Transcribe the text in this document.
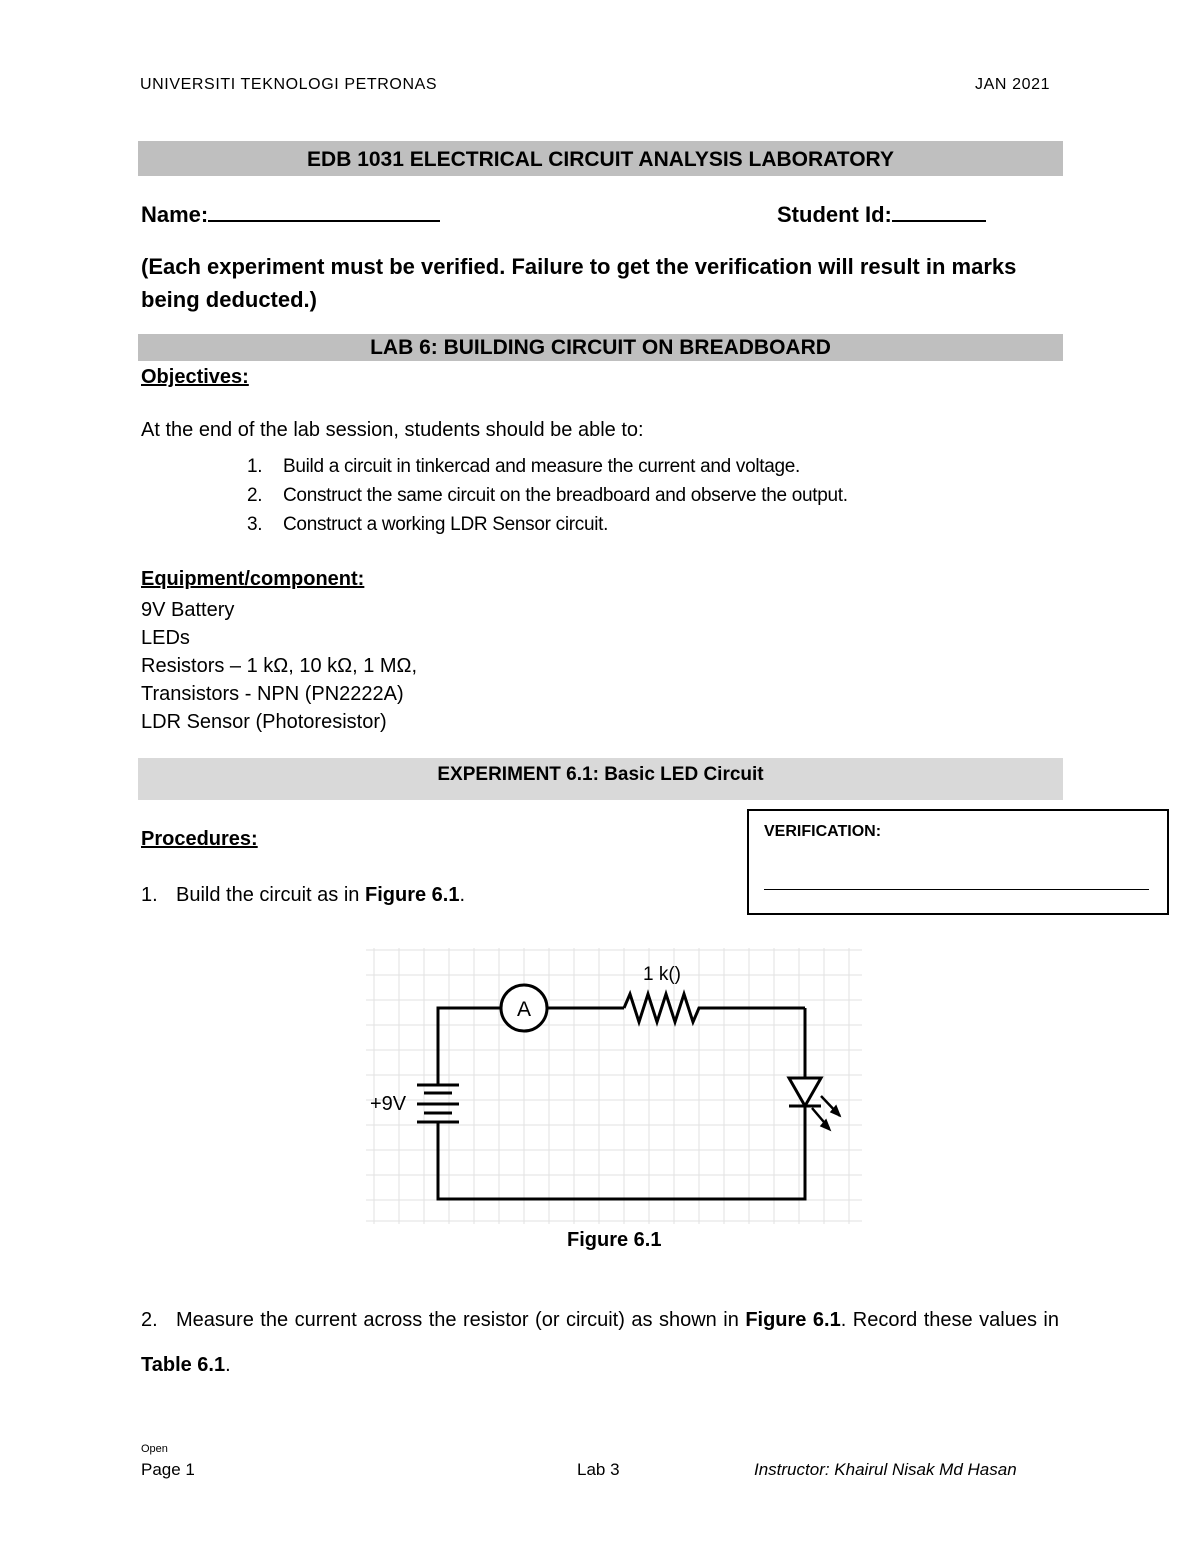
UNIVERSITI TEKNOLOGI PETRONAS	JAN 2021
EDB 1031 ELECTRICAL CIRCUIT ANALYSIS LABORATORY
Name:	Student Id:
(Each experiment must be verified. Failure to get the verification will result in marks being deducted.)
LAB 6: BUILDING CIRCUIT ON BREADBOARD
Objectives:
At the end of the lab session, students should be able to:
1. Build a circuit in tinkercad and measure the current and voltage.
2. Construct the same circuit on the breadboard and observe the output.
3. Construct a working LDR Sensor circuit.
Equipment/component:
9V Battery
LEDs
Resistors – 1 kΩ, 10 kΩ, 1 MΩ,
Transistors - NPN (PN2222A)
LDR Sensor (Photoresistor)
EXPERIMENT 6.1: Basic LED Circuit
Procedures:	VERIFICATION:
1. Build the circuit as in Figure 6.1.
A
1 k()
+9V
Figure 6.1
2. Measure the current across the resistor (or circuit) as shown in Figure 6.1. Record these values in Table 6.1.
Open
Page 1	Lab 3	Instructor: Khairul Nisak Md Hasan
